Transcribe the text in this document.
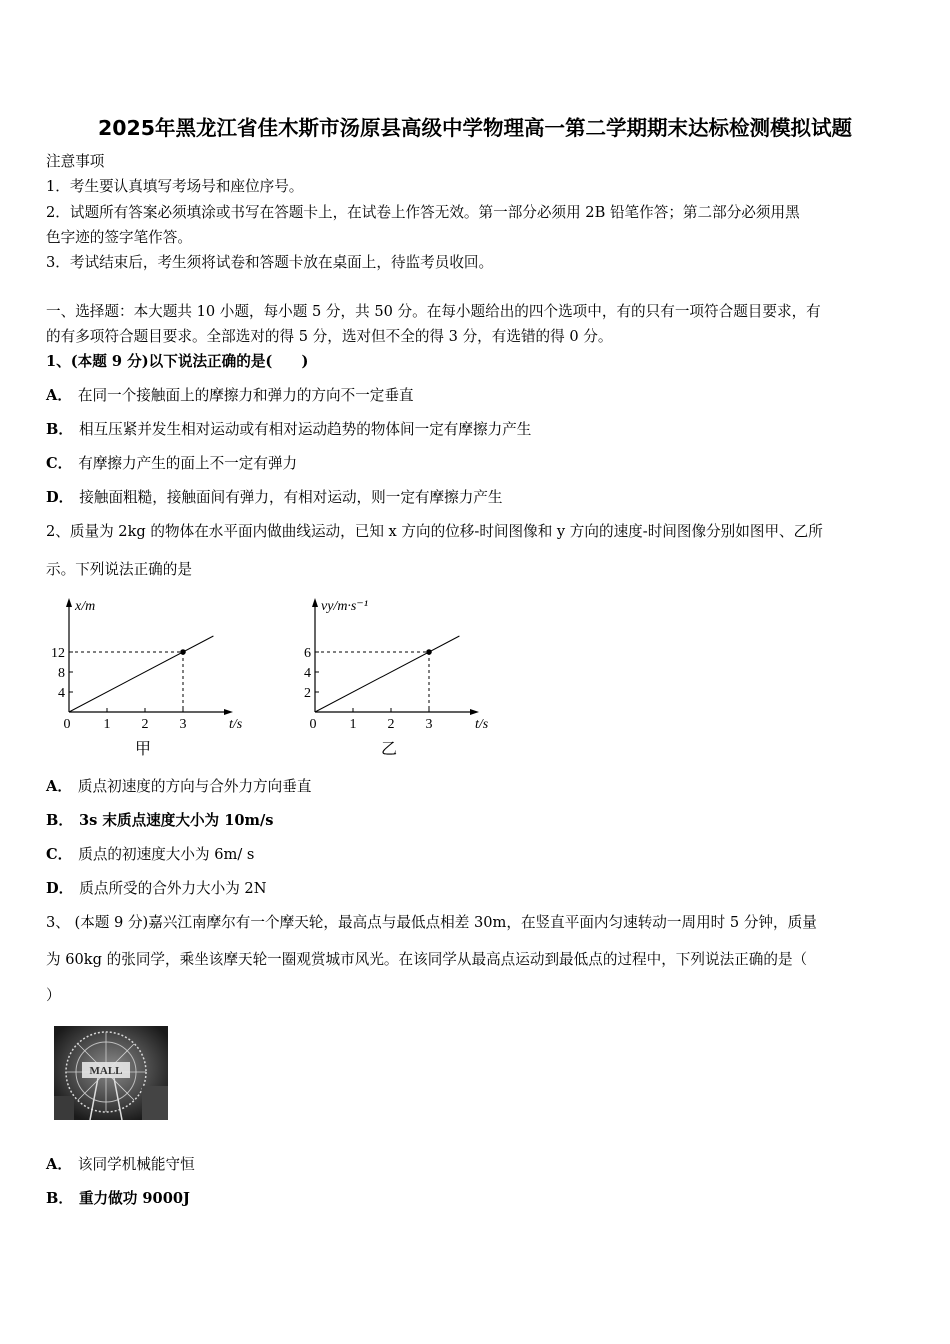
2025年黑龙江省佳木斯市汤原县高级中学物理高一第二学期期末达标检测模拟试题
注意事项
1．考生要认真填写考场号和座位序号。
2．试题所有答案必须填涂或书写在答题卡上，在试卷上作答无效。第一部分必须用 2B 铅笔作答；第二部分必须用黑
色字迹的签字笔作答。
3．考试结束后，考生须将试卷和答题卡放在桌面上，待监考员收回。
一、选择题：本大题共 10 小题，每小题 5 分，共 50 分。在每小题给出的四个选项中，有的只有一项符合题目要求，有
的有多项符合题目要求。全部选对的得 5 分，选对但不全的得 3 分，有选错的得 0 分。
1、(本题 9 分)以下说法正确的是(　　)
A． 在同一个接触面上的摩擦力和弹力的方向不一定垂直
B． 相互压紧并发生相对运动或有相对运动趋势的物体间一定有摩擦力产生
C． 有摩擦力产生的面上不一定有弹力
D． 接触面粗糙，接触面间有弹力，有相对运动，则一定有摩擦力产生
2、质量为 2kg 的物体在水平面内做曲线运动，已知 x 方向的位移-时间图像和 y 方向的速度-时间图像分别如图甲、乙所
示。下列说法正确的是
x/m
t/s
0 1 2 3
4
8
12
甲
vy/m·s⁻¹
t/s
0 1 2 3
2
4
6
乙
A． 质点初速度的方向与合外力方向垂直
B． 3s 末质点速度大小为 10m/s
C． 质点的初速度大小为 6m/ s
D． 质点所受的合外力大小为 2N
3、 (本题 9 分)嘉兴江南摩尔有一个摩天轮，最高点与最低点相差 30m，在竖直平面内匀速转动一周用时 5 分钟，质量
为 60kg 的张同学，乘坐该摩天轮一圈观赏城市风光。在该同学从最高点运动到最低点的过程中，下列说法正确的是（
）
MALL
A． 该同学机械能守恒
B． 重力做功 9000J
